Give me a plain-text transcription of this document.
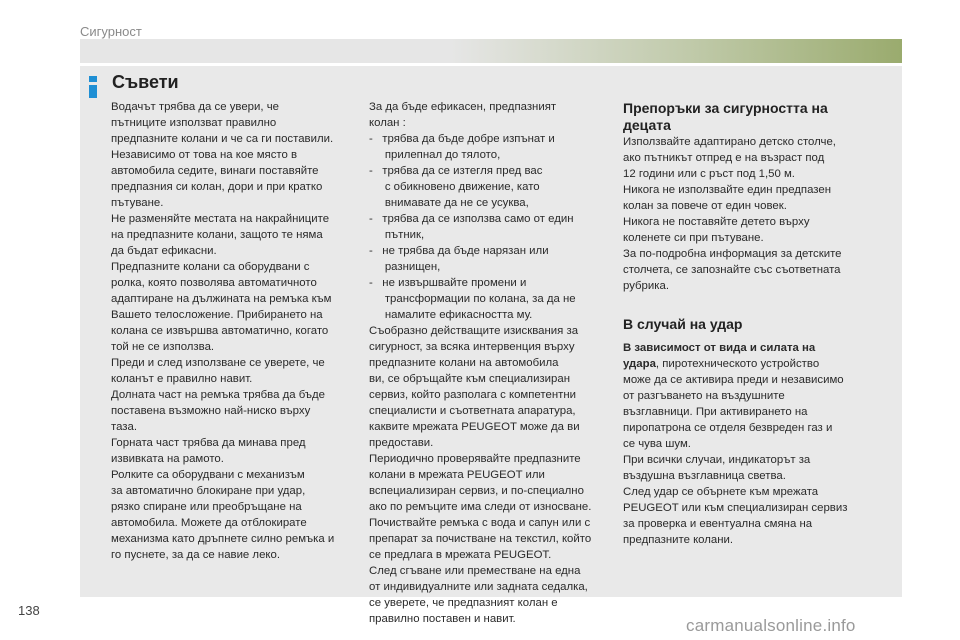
Сигурност
Съвети

Водачът трябва да се увери, че

пътниците използват правилно

предпазните колани и че са ги поставили.

Независимо от това на кое място в

автомобила седите, винаги поставяйте

предпазния си колан, дори и при кратко

пътуване.

Не разменяйте местата на накрайниците

на предпазните колани, защото те няма

да бъдат ефикасни.

Предпазните колани са оборудвани с

ролка, която позволява автоматичното

адаптиране на дължината на ремъка към

Вашето телосложение. Прибирането на

колана се извършва автоматично, когато

той не се използва.

Преди и след използване се уверете, че

коланът е правилно навит.

Долната част на ремъка трябва да бъде

поставена възможно най-ниско върху

таза.

Горната част трябва да минава пред

извивката на рамото.

Ролките са оборудвани с механизъм

за автоматично блокиране при удар,

рязко спиране или преобръщане на

автомобила. Можете да отблокирате

механизма като дръпнете силно ремъка и

го пуснете, за да се навие леко.

За да бъде ефикасен, предпазният

колан :

-   трябва да бъде добре изпънат и

прилепнал до тялото,

-   трябва да се изтегля пред вас

с обикновено движение, като

внимавате да не се усуква,

-   трябва да се използва само от един

пътник,

-   не трябва да бъде нарязан или

разнищен,

-   не извършвайте промени и

трансформации по колана, за да не

намалите ефикасността му.

Съобразно действащите изисквания за

сигурност, за всяка интервенция върху

предпазните колани на автомобила

ви, се обръщайте към специализиран

сервиз, който разполага с компетентни

специалисти и съответната апаратура,

каквите мрежата PEUGEOT може да ви

предостави.

Периодично проверявайте предпазните

колани в мрежата PEUGEOT или

вспециализиран сервиз, и по-специално

ако по ремъците има следи от износване.

Почиствайте ремъка с вода и сапун или с

препарат за почистване на текстил, който

се предлага в мрежата PEUGEOT.

След сгъване или преместване на една

от индивидуалните или задната седалка,

се уверете, че предпазният колан е

правилно поставен и навит.

Препоръки за сигурността на
децата

Използвайте адаптирано детско столче,

ако пътникът отпред е на възраст под

12 години или с ръст под 1,50 м.

Никога не използвайте един предпазен

колан за повече от един човек.

Никога не поставяйте детето върху

коленете си при пътуване.

За по-подробна информация за детските

столчета, се запознайте със съответната

рубрика.

В случай на удар

В зависимост от вида и силата на

удара, пиротехническото устройство

може да се активира преди и независимо

от разгъването на въздушните

възглавници. При активирането на

пиропатрона се отделя безвреден газ и

се чува шум.

При всички случаи, индикаторът за

въздушна възглавница светва.

След удар се обърнете към мрежата

PEUGEOT или към специализиран сервиз

за проверка и евентуална смяна на

предпазните колани.

138
carmanualsonline.info
